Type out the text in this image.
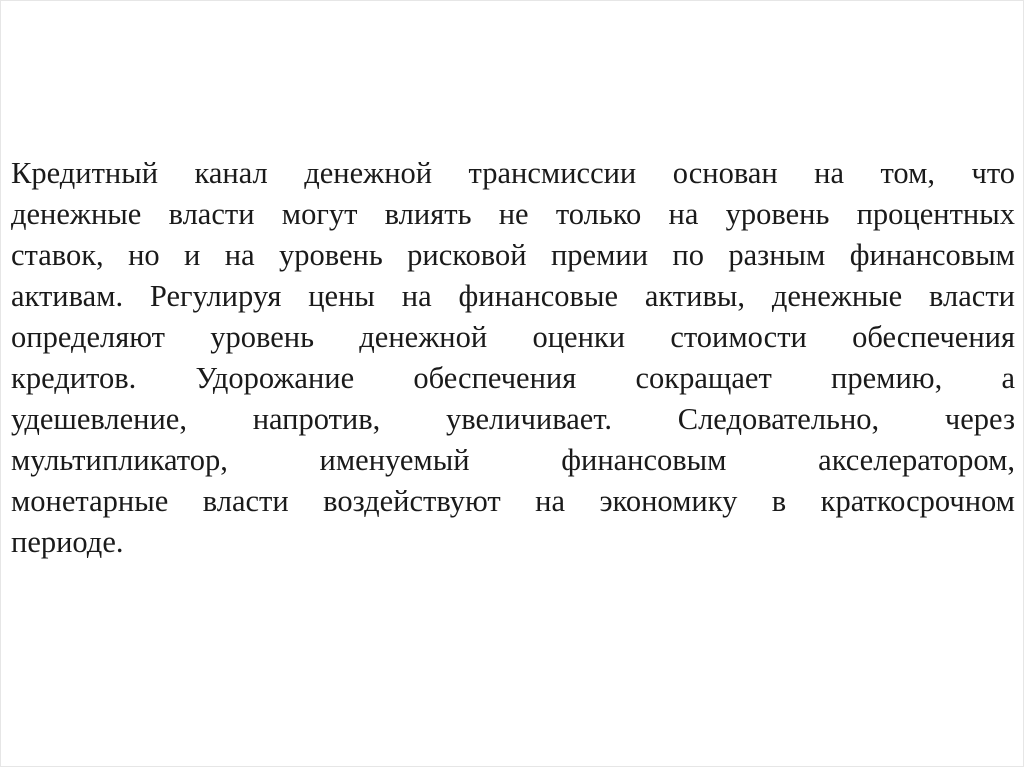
Кредитный канал денежной трансмиссии основан на том, что
денежные власти могут влиять не только на уровень процентных
ставок, но и на уровень рисковой премии по разным финансовым
активам. Регулируя цены на финансовые активы, денежные власти
определяют уровень денежной оценки стоимости обеспечения
кредитов. Удорожание обеспечения сокращает премию, а
удешевление, напротив, увеличивает. Следовательно, через
мультипликатор, именуемый финансовым акселератором,
монетарные власти воздействуют на экономику в краткосрочном
периоде.
